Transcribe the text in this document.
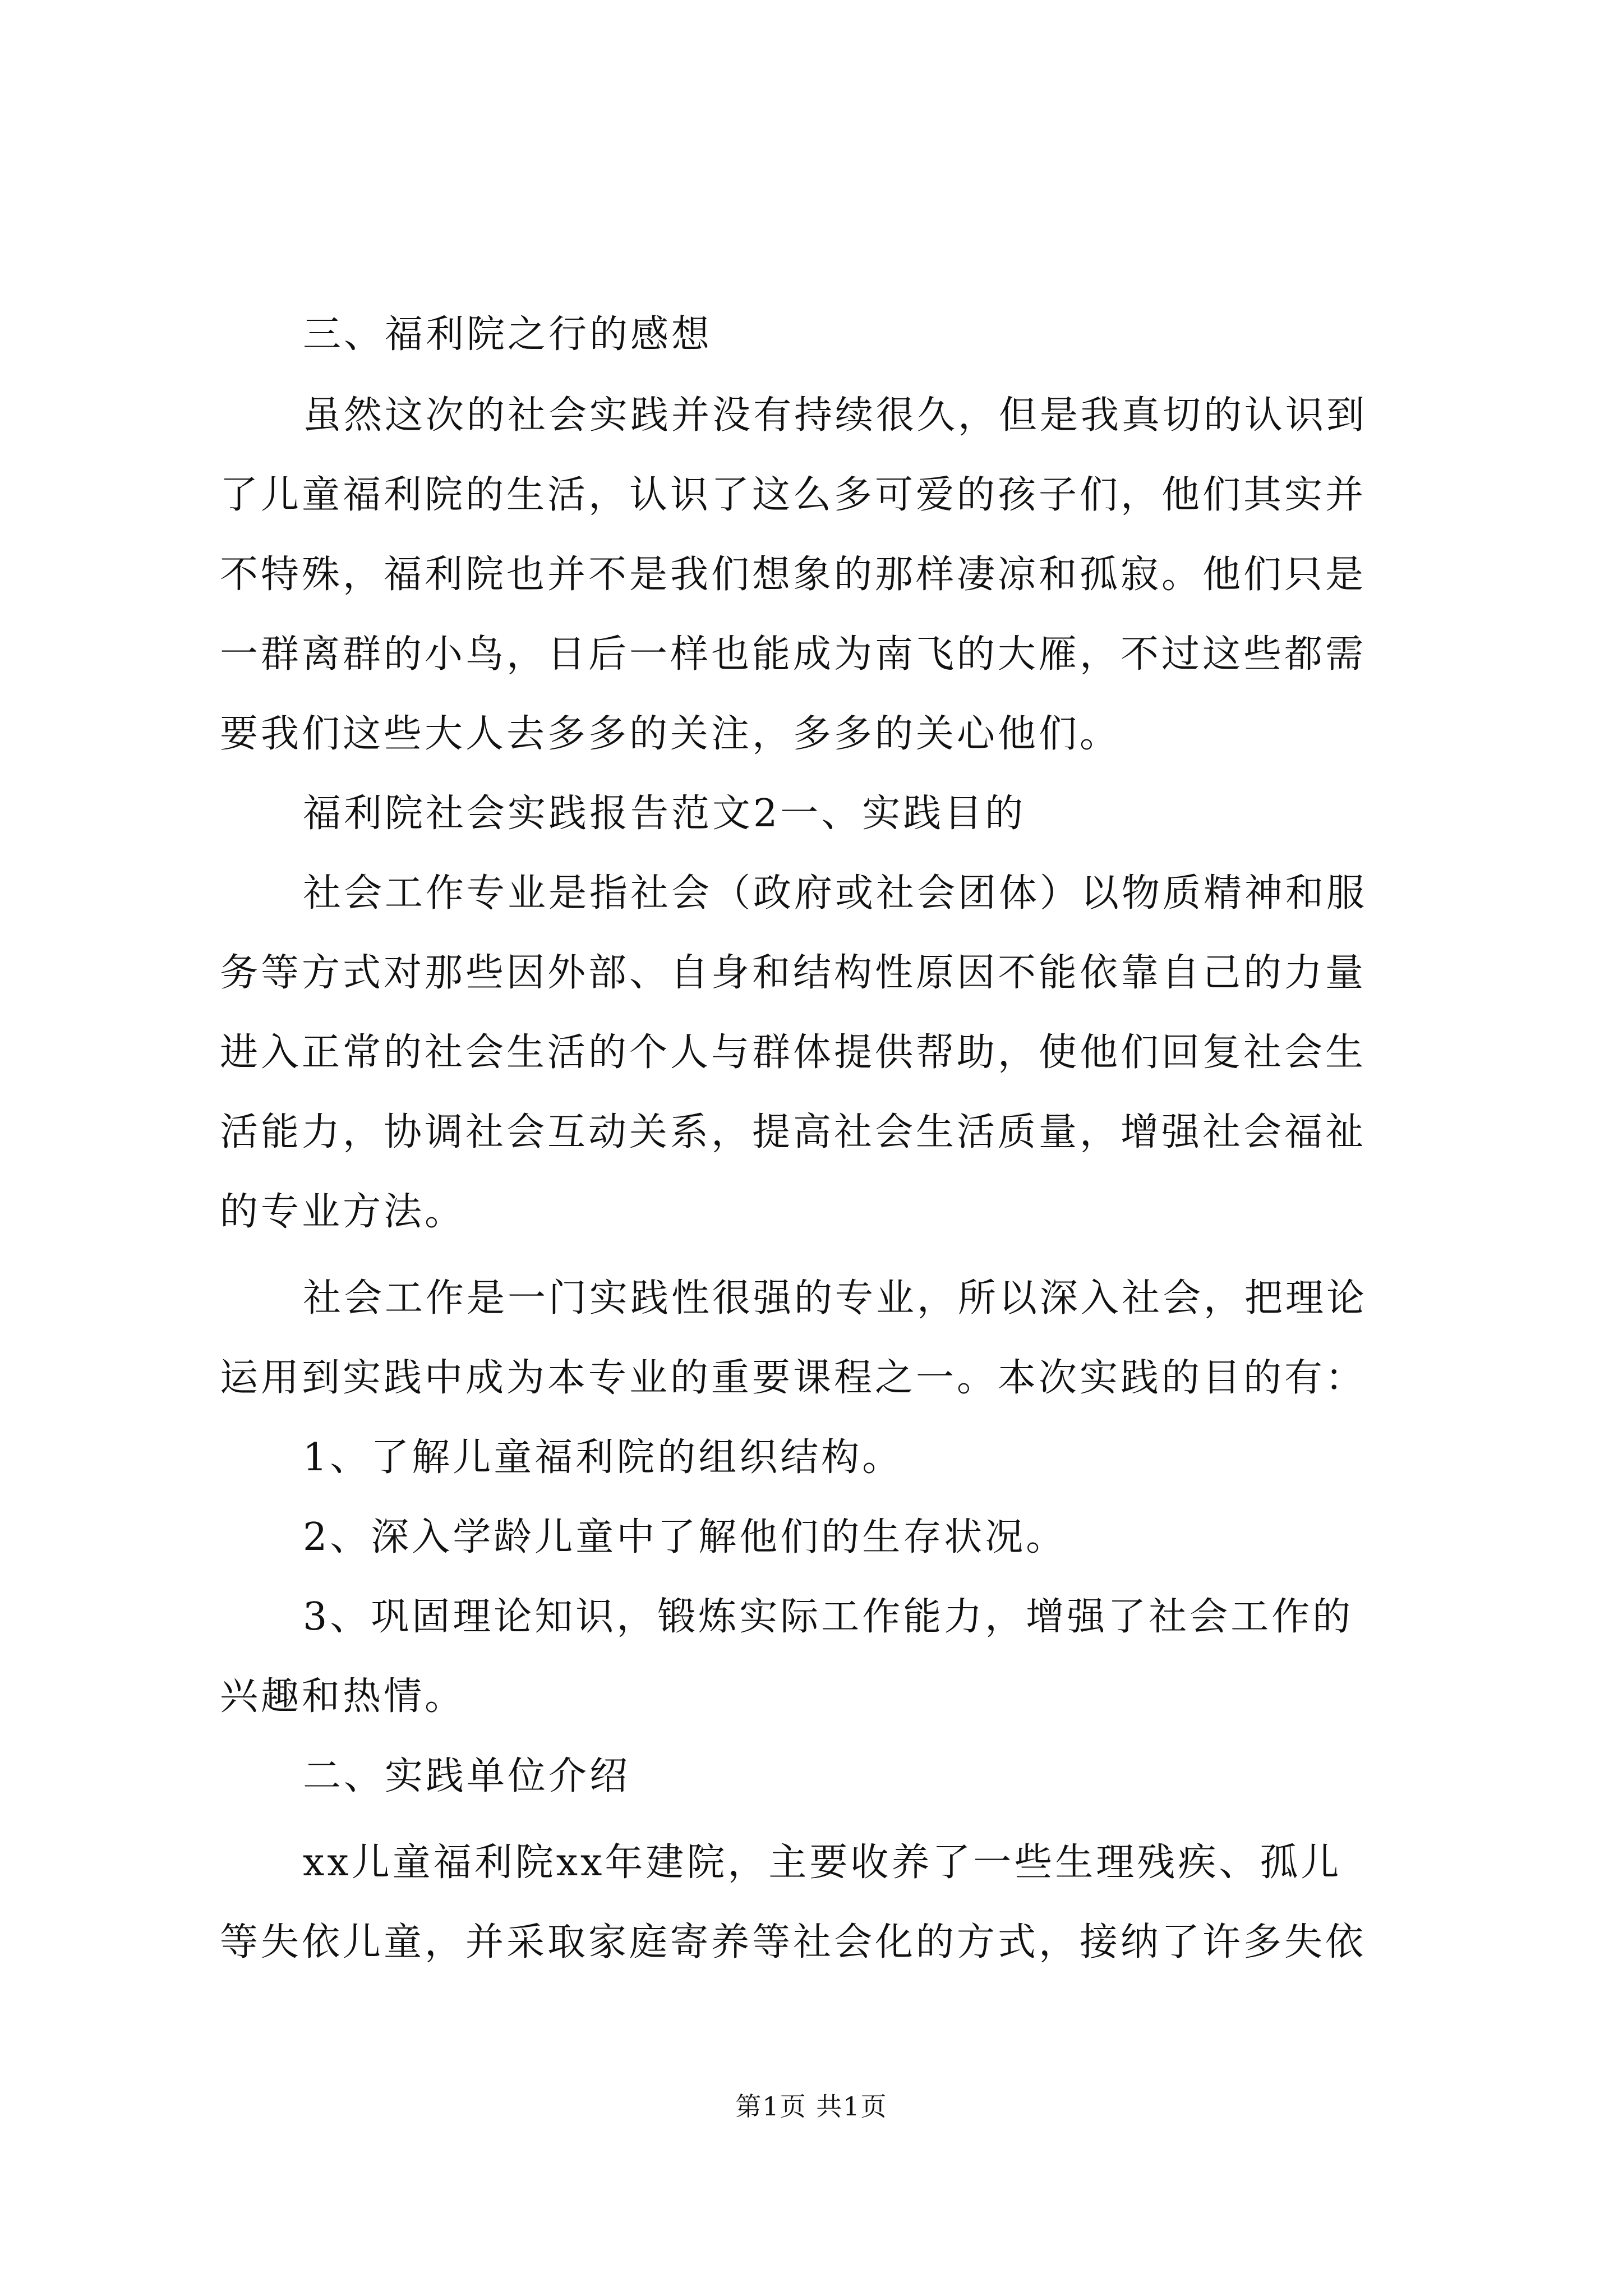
三、福利院之行的感想
虽然这次的社会实践并没有持续很久，但是我真切的认识到
了儿童福利院的生活，认识了这么多可爱的孩子们，他们其实并
不特殊，福利院也并不是我们想象的那样凄凉和孤寂。他们只是
一群离群的小鸟，日后一样也能成为南飞的大雁，不过这些都需
要我们这些大人去多多的关注，多多的关心他们。
福利院社会实践报告范文2一、实践目的
社会工作专业是指社会（政府或社会团体）以物质精神和服
务等方式对那些因外部、自身和结构性原因不能依靠自己的力量
进入正常的社会生活的个人与群体提供帮助，使他们回复社会生
活能力，协调社会互动关系，提高社会生活质量，增强社会福祉
的专业方法。
社会工作是一门实践性很强的专业，所以深入社会，把理论
运用到实践中成为本专业的重要课程之一。本次实践的目的有：
1、了解儿童福利院的组织结构。
2、深入学龄儿童中了解他们的生存状况。
3、巩固理论知识，锻炼实际工作能力，增强了社会工作的
兴趣和热情。
二、实践单位介绍
xx儿童福利院xx年建院，主要收养了一些生理残疾、孤儿
等失依儿童，并采取家庭寄养等社会化的方式，接纳了许多失依
第1页 共1页
